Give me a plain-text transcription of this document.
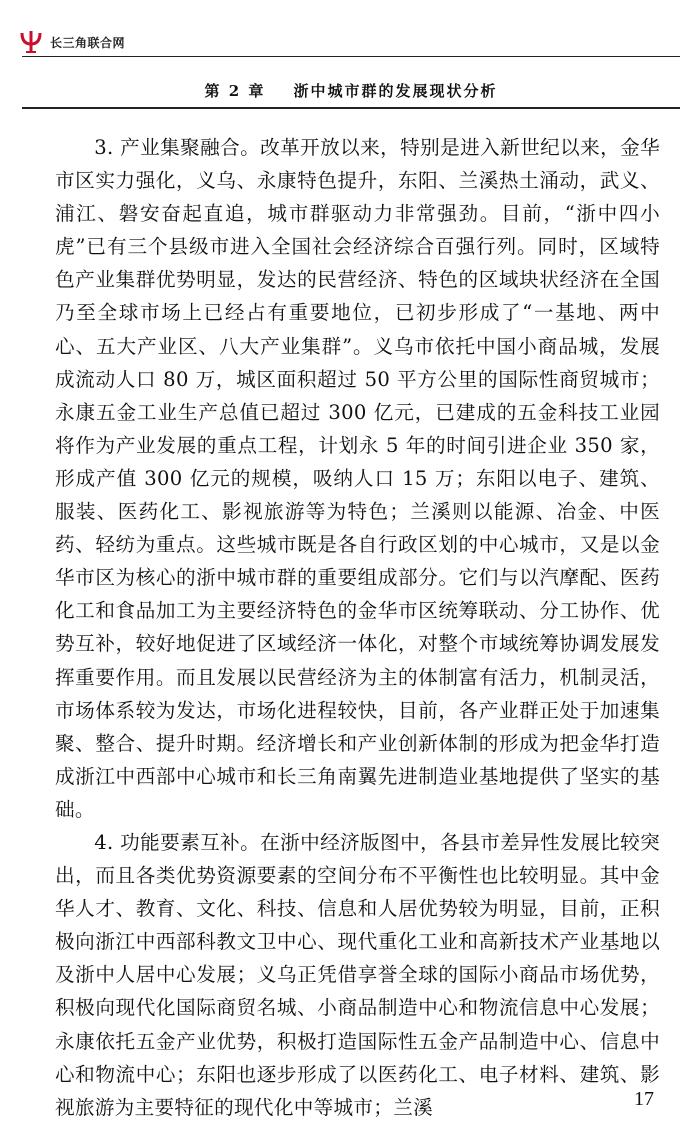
长三角联合网
第 2 章 浙中城市群的发展现状分析

3. 产业集聚融合。改革开放以来，特别是进入新世纪以来，金华市区实力强化，义乌、永康特色提升，东阳、兰溪热土涌动，武义、浦江、磐安奋起直追，城市群驱动力非常强劲。目前，“浙中四小虎”已有三个县级市进入全国社会经济综合百强行列。同时，区域特色产业集群优势明显，发达的民营经济、特色的区域块状经济在全国乃至全球市场上已经占有重要地位，已初步形成了“一基地、两中心、五大产业区、八大产业集群”。义乌市依托中国小商品城，发展成流动人口 80 万，城区面积超过 50 平方公里的国际性商贸城市；永康五金工业生产总值已超过 300 亿元，已建成的五金科技工业园将作为产业发展的重点工程，计划永 5 年的时间引进企业 350 家，形成产值 300 亿元的规模，吸纳人口 15 万；东阳以电子、建筑、服装、医药化工、影视旅游等为特色；兰溪则以能源、冶金、中医药、轻纺为重点。这些城市既是各自行政区划的中心城市，又是以金华市区为核心的浙中城市群的重要组成部分。它们与以汽摩配、医药化工和食品加工为主要经济特色的金华市区统筹联动、分工协作、优势互补，较好地促进了区域经济一体化，对整个市域统筹协调发展发挥重要作用。而且发展以民营经济为主的体制富有活力，机制灵活，市场体系较为发达，市场化进程较快，目前，各产业群正处于加速集聚、整合、提升时期。经济增长和产业创新体制的形成为把金华打造成浙江中西部中心城市和长三角南翼先进制造业基地提供了坚实的基础。

4. 功能要素互补。在浙中经济版图中，各县市差异性发展比较突出，而且各类优势资源要素的空间分布不平衡性也比较明显。其中金华人才、教育、文化、科技、信息和人居优势较为明显，目前，正积极向浙江中西部科教文卫中心、现代重化工业和高新技术产业基地以及浙中人居中心发展；义乌正凭借享誉全球的国际小商品市场优势，积极向现代化国际商贸名城、小商品制造中心和物流信息中心发展；永康依托五金产业优势，积极打造国际性五金产品制造中心、信息中心和物流中心；东阳也逐步形成了以医药化工、电子材料、建筑、影视旅游为主要特征的现代化中等城市；兰溪	17
